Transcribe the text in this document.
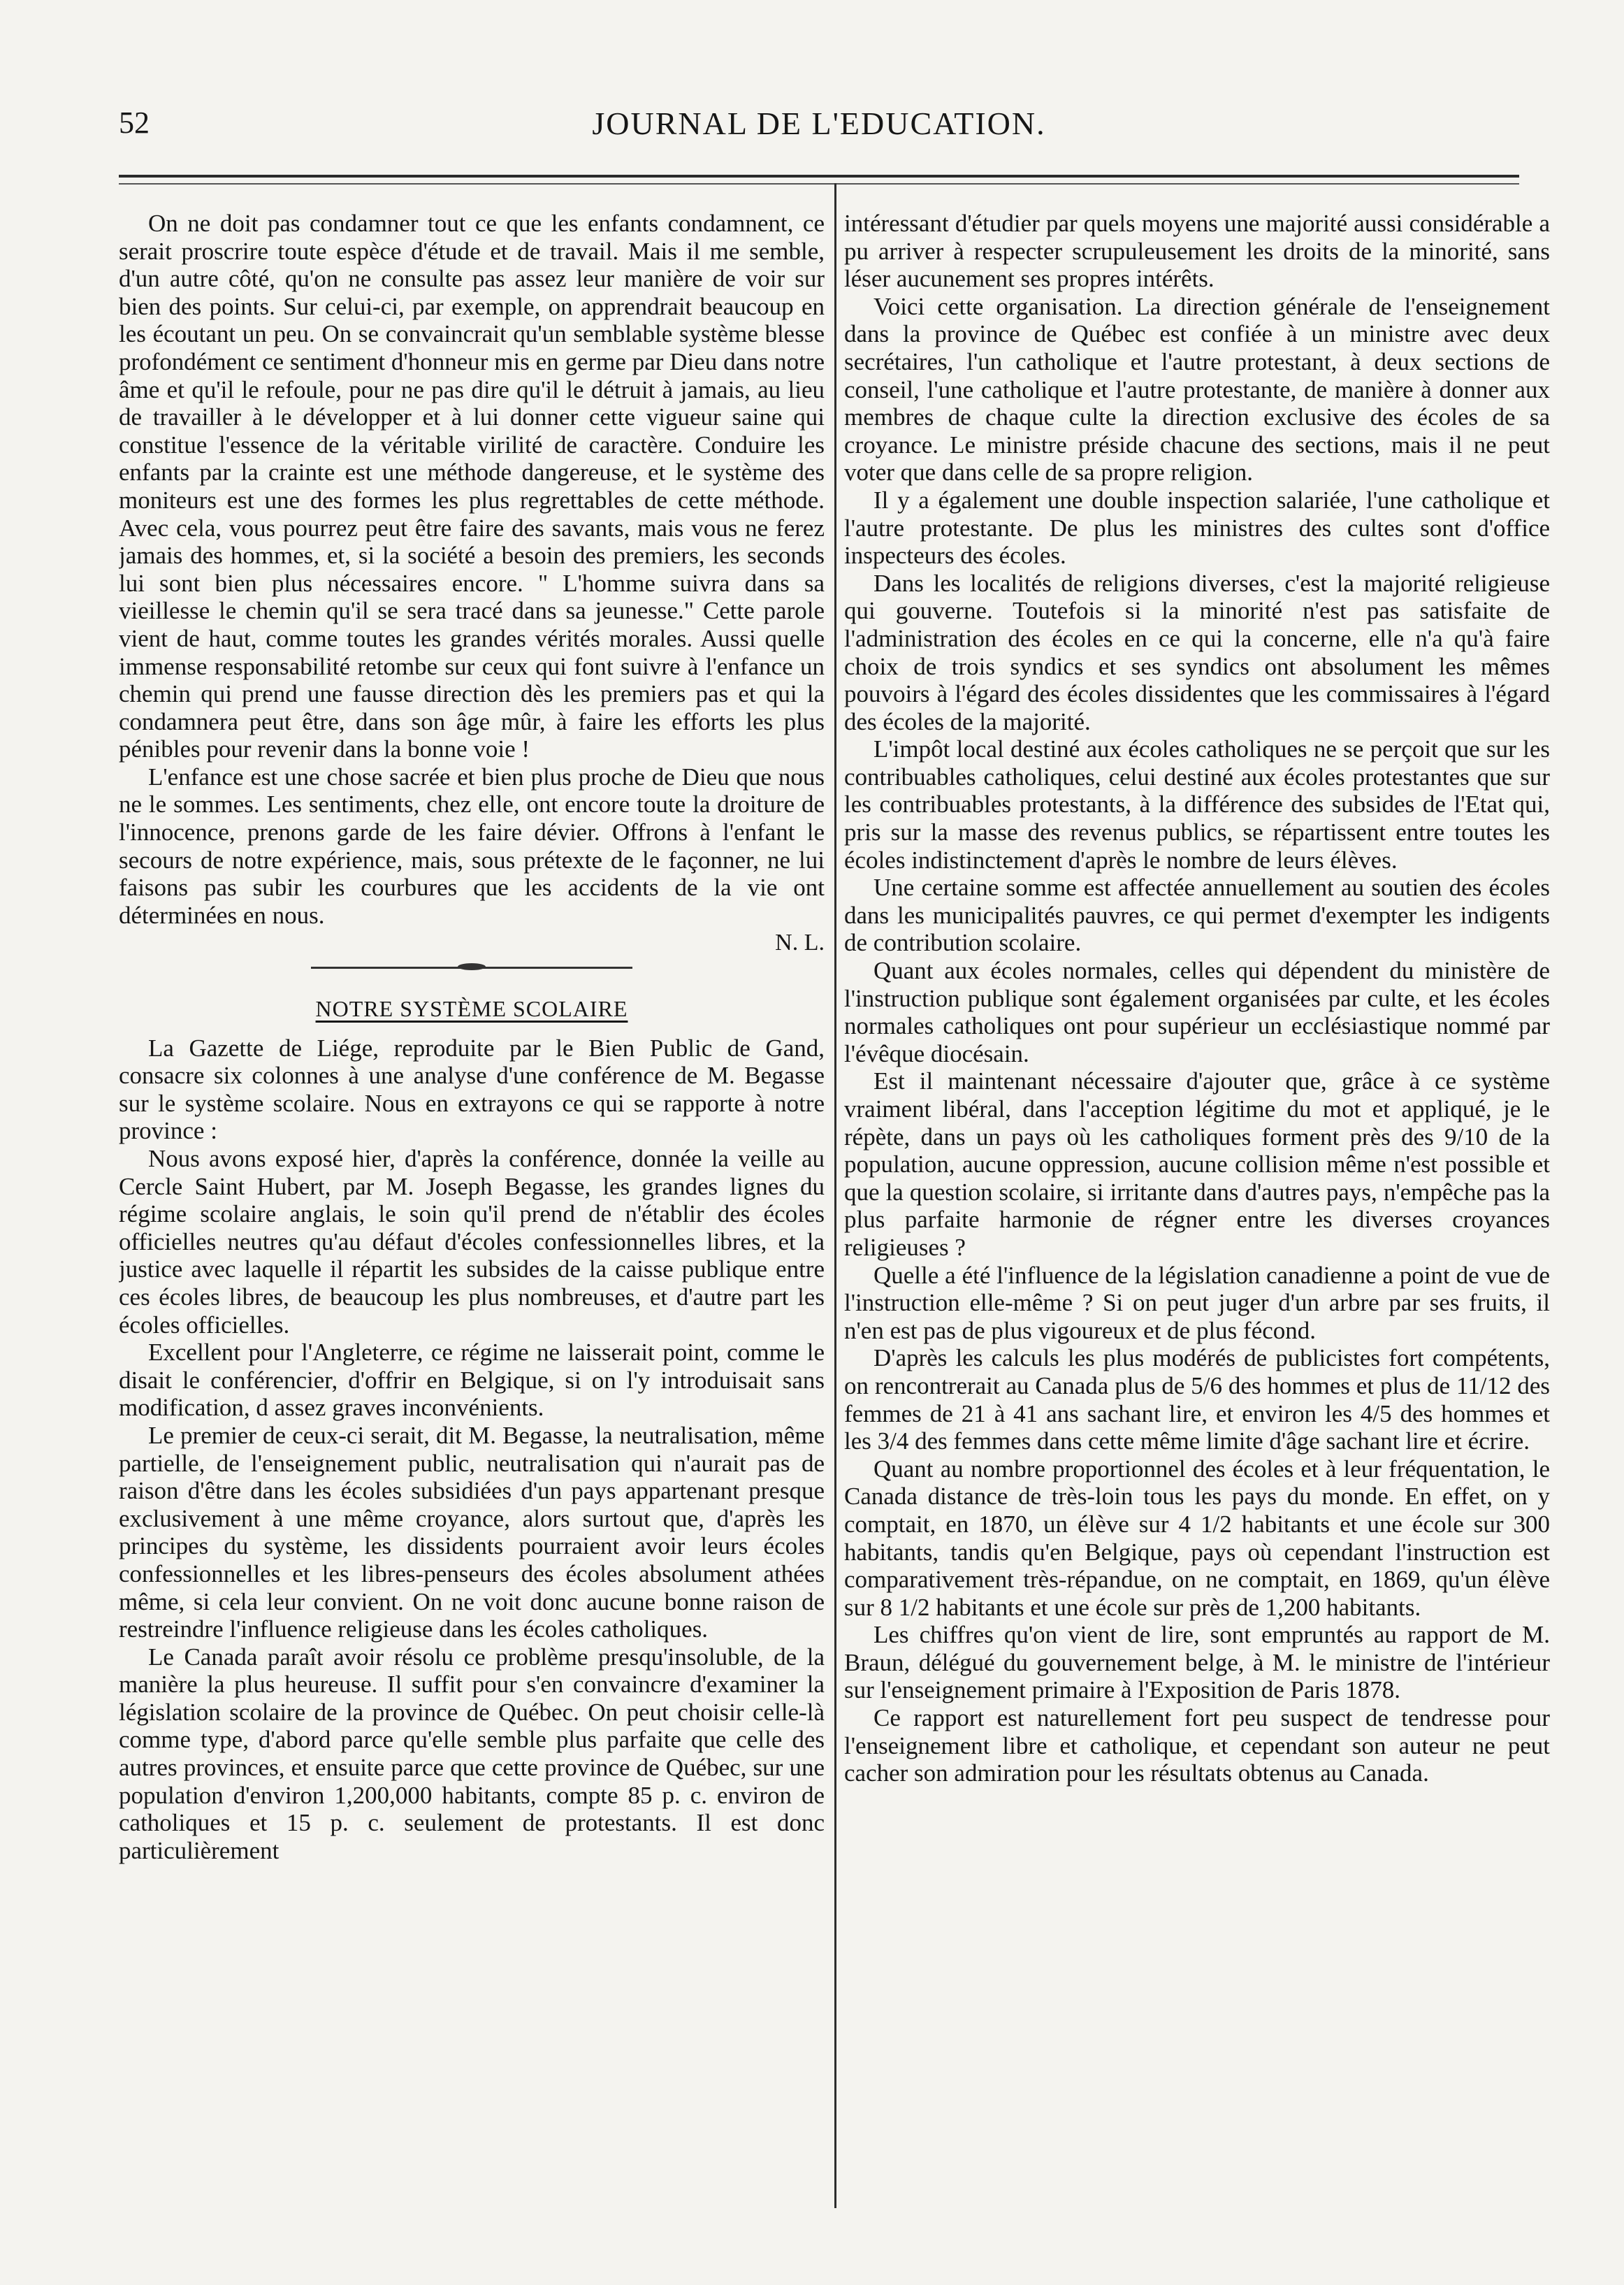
52	JOURNAL DE L'EDUCATION.

On ne doit pas condamner tout ce que les enfants condamnent, ce serait proscrire toute espèce d'étude et de travail. Mais il me semble, d'un autre côté, qu'on ne consulte pas assez leur manière de voir sur bien des points. Sur celui-ci, par exemple, on apprendrait beaucoup en les écoutant un peu. On se convaincrait qu'un semblable système blesse profondément ce sentiment d'honneur mis en germe par Dieu dans notre âme et qu'il le refoule, pour ne pas dire qu'il le détruit à jamais, au lieu de travailler à le développer et à lui donner cette vigueur saine qui constitue l'essence de la véritable virilité de caractère. Conduire les enfants par la crainte est une méthode dangereuse, et le système des moniteurs est une des formes les plus regrettables de cette méthode. Avec cela, vous pourrez peut être faire des savants, mais vous ne ferez jamais des hommes, et, si la société a besoin des premiers, les seconds lui sont bien plus nécessaires encore. " L'homme suivra dans sa vieillesse le chemin qu'il se sera tracé dans sa jeunesse." Cette parole vient de haut, comme toutes les grandes vérités morales. Aussi quelle immense responsabilité retombe sur ceux qui font suivre à l'enfance un chemin qui prend une fausse direction dès les premiers pas et qui la condamnera peut être, dans son âge mûr, à faire les efforts les plus pénibles pour revenir dans la bonne voie !

L'enfance est une chose sacrée et bien plus proche de Dieu que nous ne le sommes. Les sentiments, chez elle, ont encore toute la droiture de l'innocence, prenons garde de les faire dévier. Offrons à l'enfant le secours de notre expérience, mais, sous prétexte de le façonner, ne lui faisons pas subir les courbures que les accidents de la vie ont déterminées en nous.

N. L.

NOTRE SYSTÈME SCOLAIRE

La Gazette de Liége, reproduite par le Bien Public de Gand, consacre six colonnes à une analyse d'une conférence de M. Begasse sur le système scolaire. Nous en extrayons ce qui se rapporte à notre province :

Nous avons exposé hier, d'après la conférence, donnée la veille au Cercle Saint Hubert, par M. Joseph Begasse, les grandes lignes du régime scolaire anglais, le soin qu'il prend de n'établir des écoles officielles neutres qu'au défaut d'écoles confessionnelles libres, et la justice avec laquelle il répartit les subsides de la caisse publique entre ces écoles libres, de beaucoup les plus nombreuses, et d'autre part les écoles officielles.

Excellent pour l'Angleterre, ce régime ne laisserait point, comme le disait le conférencier, d'offrir en Belgique, si on l'y introduisait sans modification, d assez graves inconvénients.

Le premier de ceux-ci serait, dit M. Begasse, la neutralisation, même partielle, de l'enseignement public, neutralisation qui n'aurait pas de raison d'être dans les écoles subsidiées d'un pays appartenant presque exclusivement à une même croyance, alors surtout que, d'après les principes du système, les dissidents pourraient avoir leurs écoles confessionnelles et les libres-penseurs des écoles absolument athées même, si cela leur convient. On ne voit donc aucune bonne raison de restreindre l'influence religieuse dans les écoles catholiques.

Le Canada paraît avoir résolu ce problème presqu'insoluble, de la manière la plus heureuse. Il suffit pour s'en convaincre d'examiner la législation scolaire de la province de Québec. On peut choisir celle-là comme type, d'abord parce qu'elle semble plus parfaite que celle des autres provinces, et ensuite parce que cette province de Québec, sur une population d'environ 1,200,000 habitants, compte 85 p. c. environ de catholiques et 15 p. c. seulement de protestants. Il est donc particulièrement

intéressant d'étudier par quels moyens une majorité aussi considérable a pu arriver à respecter scrupuleusement les droits de la minorité, sans léser aucunement ses propres intérêts.

Voici cette organisation. La direction générale de l'enseignement dans la province de Québec est confiée à un ministre avec deux secrétaires, l'un catholique et l'autre protestant, à deux sections de conseil, l'une catholique et l'autre protestante, de manière à donner aux membres de chaque culte la direction exclusive des écoles de sa croyance. Le ministre préside chacune des sections, mais il ne peut voter que dans celle de sa propre religion.

Il y a également une double inspection salariée, l'une catholique et l'autre protestante. De plus les ministres des cultes sont d'office inspecteurs des écoles.

Dans les localités de religions diverses, c'est la majorité religieuse qui gouverne. Toutefois si la minorité n'est pas satisfaite de l'administration des écoles en ce qui la concerne, elle n'a qu'à faire choix de trois syndics et ses syndics ont absolument les mêmes pouvoirs à l'égard des écoles dissidentes que les commissaires à l'égard des écoles de la majorité.

L'impôt local destiné aux écoles catholiques ne se perçoit que sur les contribuables catholiques, celui destiné aux écoles protestantes que sur les contribuables protestants, à la différence des subsides de l'Etat qui, pris sur la masse des revenus publics, se répartissent entre toutes les écoles indistinctement d'après le nombre de leurs élèves.

Une certaine somme est affectée annuellement au soutien des écoles dans les municipalités pauvres, ce qui permet d'exempter les indigents de contribution scolaire.

Quant aux écoles normales, celles qui dépendent du ministère de l'instruction publique sont également organisées par culte, et les écoles normales catholiques ont pour supérieur un ecclésiastique nommé par l'évêque diocésain.

Est il maintenant nécessaire d'ajouter que, grâce à ce système vraiment libéral, dans l'acception légitime du mot et appliqué, je le répète, dans un pays où les catholiques forment près des 9/10 de la population, aucune oppression, aucune collision même n'est possible et que la question scolaire, si irritante dans d'autres pays, n'empêche pas la plus parfaite harmonie de régner entre les diverses croyances religieuses ?

Quelle a été l'influence de la législation canadienne a point de vue de l'instruction elle-même ? Si on peut juger d'un arbre par ses fruits, il n'en est pas de plus vigoureux et de plus fécond.

D'après les calculs les plus modérés de publicistes fort compétents, on rencontrerait au Canada plus de 5/6 des hommes et plus de 11/12 des femmes de 21 à 41 ans sachant lire, et environ les 4/5 des hommes et les 3/4 des femmes dans cette même limite d'âge sachant lire et écrire.

Quant au nombre proportionnel des écoles et à leur fréquentation, le Canada distance de très-loin tous les pays du monde. En effet, on y comptait, en 1870, un élève sur 4 1/2 habitants et une école sur 300 habitants, tandis qu'en Belgique, pays où cependant l'instruction est comparativement très-répandue, on ne comptait, en 1869, qu'un élève sur 8 1/2 habitants et une école sur près de 1,200 habitants.

Les chiffres qu'on vient de lire, sont empruntés au rapport de M. Braun, délégué du gouvernement belge, à M. le ministre de l'intérieur sur l'enseignement primaire à l'Exposition de Paris 1878.

Ce rapport est naturellement fort peu suspect de tendresse pour l'enseignement libre et catholique, et cependant son auteur ne peut cacher son admiration pour les résultats obtenus au Canada.
